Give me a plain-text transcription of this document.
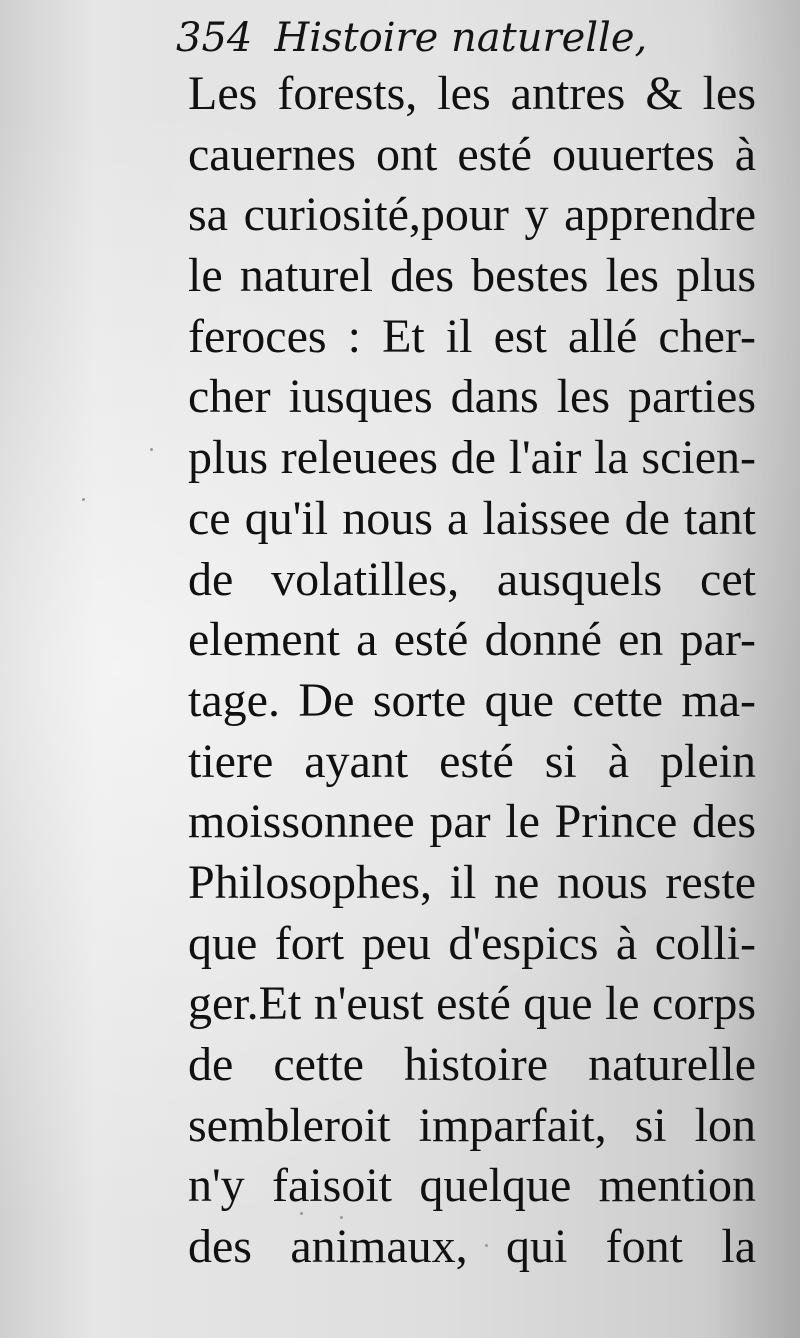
354 Histoire naturelle,
Les forests, les antres & les
cauernes ont esté ouuertes à
sa curiosité,pour y apprendre
le naturel des bestes les plus
feroces : Et il est allé cher-
cher iusques dans les parties
plus releuees de l'air la scien-
ce qu'il nous a laissee de tant
de volatilles, ausquels cet
element a esté donné en par-
tage. De sorte que cette ma-
tiere ayant esté si à plein
moissonnee par le Prince des
Philosophes, il ne nous reste
que fort peu d'espics à colli-
ger.Et n'eust esté que le corps
de cette histoire naturelle
sembleroit imparfait, si lon
n'y faisoit quelque mention
des animaux, qui font la
